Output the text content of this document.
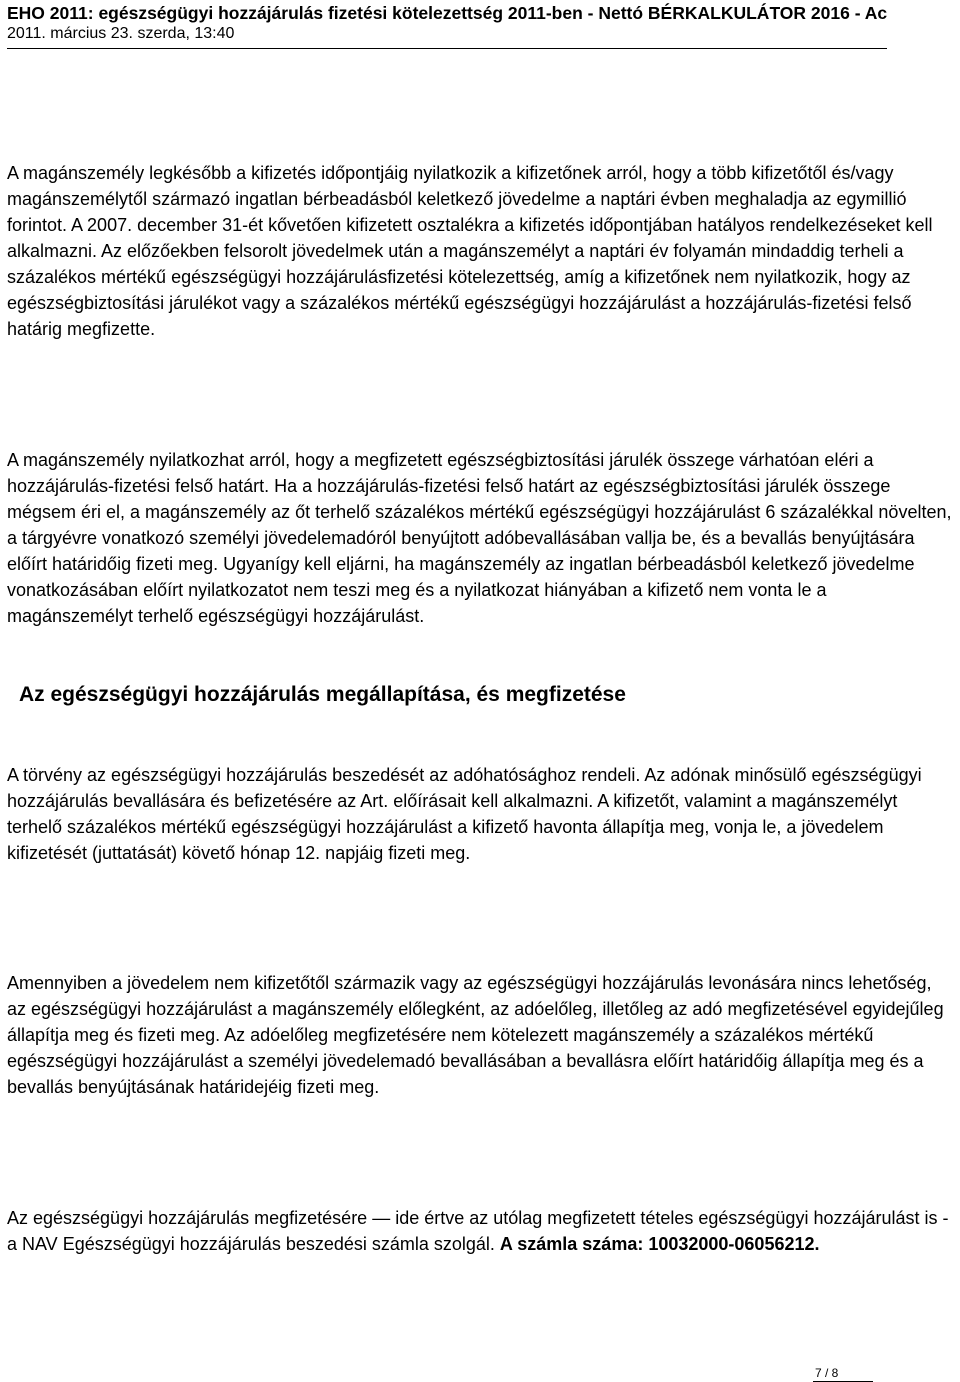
EHO 2011: egészségügyi hozzájárulás fizetési kötelezettség 2011-ben - Nettó BÉRKALKULÁTOR 2016 - Ac
2011. március 23. szerda, 13:40

A magánszemély legkésőbb a kifizetés időpontjáig nyilatkozik a kifizetőnek arról, hogy a több kifizetőtől és/vagy magánszemélytől származó ingatlan bérbeadásból keletkező jövedelme a naptári évben meghaladja az egymillió forintot. A 2007. december 31-ét kővetően kifizetett osztalékra a kifizetés időpontjában hatályos rendelkezéseket kell alkalmazni. Az előzőekben felsorolt jövedelmek után a magánszemélyt a naptári év folyamán mindaddig terheli a százalékos mértékű egészségügyi hozzájárulásfizetési kötelezettség, amíg a kifizetőnek nem nyilatkozik, hogy az egészségbiztosítási járulékot vagy a százalékos mértékű egészségügyi hozzájárulást a hozzájárulás-fizetési felső határig megfizette.

A magánszemély nyilatkozhat arról, hogy a megfizetett egészségbiztosítási járulék összege várhatóan eléri a hozzájárulás-fizetési felső határt. Ha a hozzájárulás-fizetési felső határt az egészségbiztosítási járulék összege mégsem éri el, a magánszemély az őt terhelő százalékos mértékű egészségügyi hozzájárulást 6 százalékkal növelten, a tárgyévre vonatkozó személyi jövedelemadóról benyújtott adóbevallásában vallja be, és a bevallás benyújtására előírt határidőig fizeti meg. Ugyanígy kell eljárni, ha magánszemély az ingatlan bérbeadásból keletkező jövedelme vonatkozásában előírt nyilatkozatot nem teszi meg és a nyilatkozat hiányában a kifizető nem vonta le a magánszemélyt terhelő egészségügyi hozzájárulást.

Az egészségügyi hozzájárulás megállapítása, és megfizetése

A törvény az egészségügyi hozzájárulás beszedését az adóhatósághoz rendeli. Az adónak minősülő egészségügyi hozzájárulás bevallására és befizetésére az Art. előírásait kell alkalmazni. A kifizetőt, valamint a magánszemélyt terhelő százalékos mértékű egészségügyi hozzájárulást a kifizető havonta állapítja meg, vonja le, a jövedelem kifizetését (juttatását) követő hónap 12. napjáig fizeti meg.

Amennyiben a jövedelem nem kifizetőtől származik vagy az egészségügyi hozzájárulás levonására nincs lehetőség, az egészségügyi hozzájárulást a magánszemély előlegként, az adóelőleg, illetőleg az adó megfizetésével egyidejűleg állapítja meg és fizeti meg. Az adóelőleg megfizetésére nem kötelezett magánszemély a százalékos mértékű egészségügyi hozzájárulást a személyi jövedelemadó bevallásában a bevallásra előírt határidőig állapítja meg és a bevallás benyújtásának határidejéig fizeti meg.

Az egészségügyi hozzájárulás megfizetésére — ide értve az utólag megfizetett tételes egészségügyi hozzájárulást is - a NAV Egészségügyi hozzájárulás beszedési számla szolgál. A számla száma: 10032000-06056212.

7 / 8
